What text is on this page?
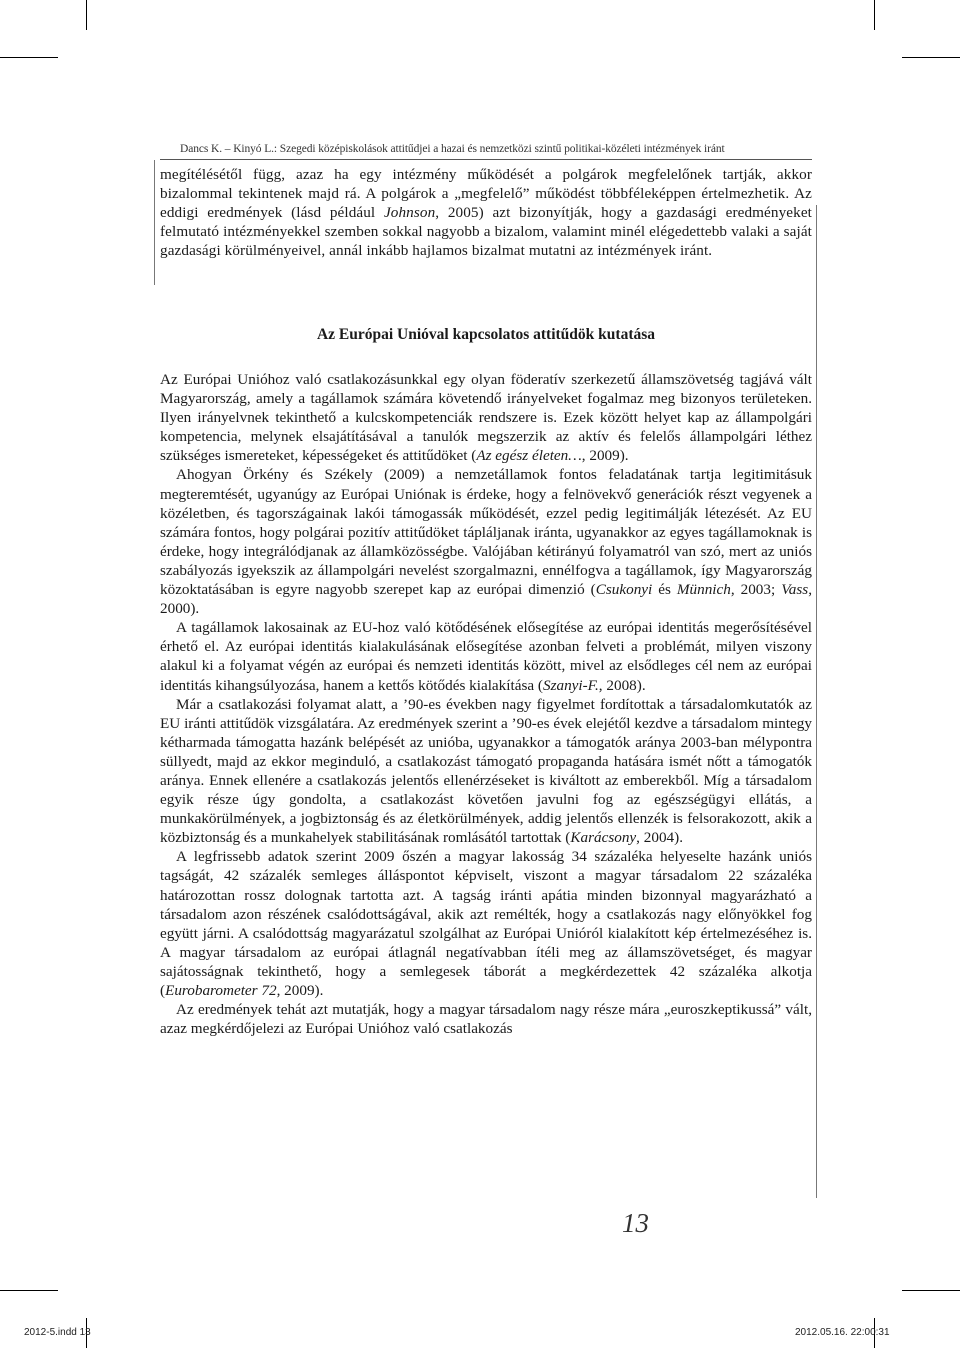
Dancs K. – Kinyó L.: Szegedi középiskolások attitűdjei a hazai és nemzetközi szintű politikai-közéleti intézmények iránt

megítélésétől függ, azaz ha egy intézmény működését a polgárok megfelelőnek tartják, akkor bizalommal tekintenek majd rá. A polgárok a „megfelelő” működést többféleképpen értelmezhetik. Az eddigi eredmények (lásd például Johnson, 2005) azt bizonyítják, hogy a gazdasági eredményeket felmutató intézményekkel szemben sokkal nagyobb a bizalom, valamint minél elégedettebb valaki a saját gazdasági körülményeivel, annál inkább hajlamos bizalmat mutatni az intézmények iránt.

Az Európai Unióval kapcsolatos attitűdök kutatása

Az Európai Unióhoz való csatlakozásunkkal egy olyan föderatív szerkezetű államszövetség tagjává vált Magyarország, amely a tagállamok számára követendő irányelveket fogalmaz meg bizonyos területeken. Ilyen irányelvnek tekinthető a kulcskompetenciák rendszere is. Ezek között helyet kap az állampolgári kompetencia, melynek elsajátításával a tanulók megszerzik az aktív és felelős állampolgári léthez szükséges ismereteket, képességeket és attitűdöket (Az egész életen…, 2009).

Ahogyan Örkény és Székely (2009) a nemzetállamok fontos feladatának tartja legitimitásuk megteremtését, ugyanúgy az Európai Uniónak is érdeke, hogy a felnövekvő generációk részt vegyenek a közéletben, és tagországainak lakói támogassák működését, ezzel pedig legitimálják létezését. Az EU számára fontos, hogy polgárai pozitív attitűdöket tápláljanak iránta, ugyanakkor az egyes tagállamoknak is érdeke, hogy integrálódjanak az államközösségbe. Valójában kétirányú folyamatról van szó, mert az uniós szabályozás igyekszik az állampolgári nevelést szorgalmazni, ennélfogva a tagállamok, így Magyarország közoktatásában is egyre nagyobb szerepet kap az európai dimenzió (Csukonyi és Münnich, 2003; Vass, 2000).

A tagállamok lakosainak az EU-hoz való kötődésének elősegítése az európai identitás megerősítésével érhető el. Az európai identitás kialakulásának elősegítése azonban felveti a problémát, milyen viszony alakul ki a folyamat végén az európai és nemzeti identitás között, mivel az elsődleges cél nem az európai identitás kihangsúlyozása, hanem a kettős kötődés kialakítása (Szanyi-F., 2008).

Már a csatlakozási folyamat alatt, a ’90-es években nagy figyelmet fordítottak a társadalomkutatók az EU iránti attitűdök vizsgálatára. Az eredmények szerint a ’90-es évek elejétől kezdve a társadalom mintegy kétharmada támogatta hazánk belépését az unióba, ugyanakkor a támogatók aránya 2003-ban mélypontra süllyedt, majd az ekkor meginduló, a csatlakozást támogató propaganda hatására ismét nőtt a támogatók aránya. Ennek ellenére a csatlakozás jelentős ellenérzéseket is kiváltott az emberekből. Míg a társadalom egyik része úgy gondolta, a csatlakozást követően javulni fog az egészségügyi ellátás, a munkakörülmények, a jogbiztonság és az életkörülmények, addig jelentős ellenzék is felsorakozott, akik a közbiztonság és a munkahelyek stabilitásának romlásától tartottak (Karácsony, 2004).

A legfrissebb adatok szerint 2009 őszén a magyar lakosság 34 százaléka helyeselte hazánk uniós tagságát, 42 százalék semleges álláspontot képviselt, viszont a magyar társadalom 22 százaléka határozottan rossz dolognak tartotta azt. A tagság iránti apátia minden bizonnyal magyarázható a társadalom azon részének csalódottságával, akik azt remélték, hogy a csatlakozás nagy előnyökkel fog együtt járni. A csalódottság magyarázatul szolgálhat az Európai Unióról kialakított kép értelmezéséhez is. A magyar társadalom az európai átlagnál negatívabban ítéli meg az államszövetséget, és magyar sajátosságnak tekinthető, hogy a semlegesek táborát a megkérdezettek 42 százaléka alkotja (Eurobarometer 72, 2009).

Az eredmények tehát azt mutatják, hogy a magyar társadalom nagy része mára „euroszkeptikussá” vált, azaz megkérdőjelezi az Európai Unióhoz való csatlakozás

13
2012-5.indd 13	2012.05.16. 22:00:31
